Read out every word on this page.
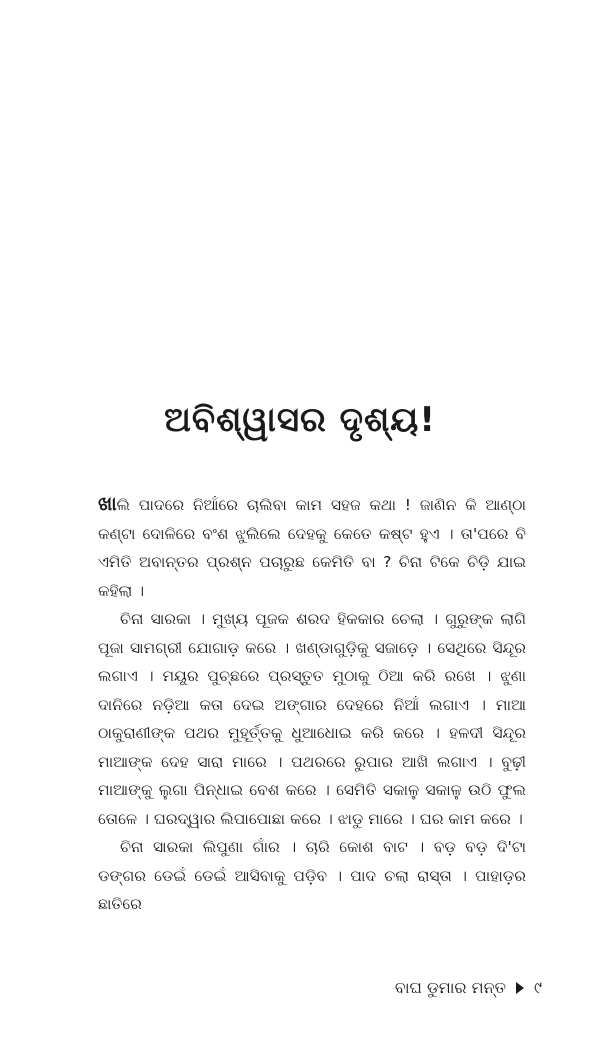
ଅବିଶ୍ୱାସର ଦୃଶ୍ୟ!

ଖାଲି ପାଦରେ ନିଆଁରେ ଚାଲିବା କାମ ସହଜ କଥା ! ଜାଣିନ କି ଆଣ୍ଠା କଣ୍ଟା ଦୋଳିରେ ବଂଶ ଝୁଲିଲେ ଦେହକୁ କେତେ କଷ୍ଟ ହୁଏ । ତା'ପରେ ବି ଏମିତି ଅବାନ୍ତର ପ୍ରଶ୍ନ ପଚାରୁଛ କେମିତି ବା ? ଚିନା ଟିକେ ଚିଡ଼ି ଯାଇ କହିଲା ।

ଚିନା ସାରକା । ମୁଖ୍ୟ ପୂଜକ ଶରଦ ହିକକାର ଚେଲା । ଗୁରୁଙ୍କ ଲାଗି ପୂଜା ସାମଗ୍ରୀ ଯୋଗାଡ଼ କରେ । ଖଣ୍ଡାଗୁଡ଼ିକୁ ସଜାଡ଼େ । ସେଥିରେ ସିନ୍ଦୂର ଲଗାଏ । ମୟୂର ପୁଚ୍ଛରେ ପ୍ରସ୍ତୁତ ମୁଠାକୁ ଠିଆ କରି ରଖେ । ଝୁଣା ଦାନିରେ ନଡ଼ିଆ କତା ଦେଇ ଅଙ୍ଗାର ଦେହରେ ନିଆଁ ଲଗାଏ । ମାଆ ଠାକୁରାଣୀଙ୍କ ପଥର ମୁହୂର୍ତ୍ତକୁ ଧୁଆଧୋଇ କରି କରେ । ହଳଦୀ ସିନ୍ଦୂର ମାଆଙ୍କ ଦେହ ସାରା ମାରେ । ପଥରରେ ରୁପାର ଆଖି ଲଗାଏ । ବୁଢ଼ୀ ମାଆଙ୍କୁ ଲୁଗା ପିନ୍ଧାଇ ବେଶ କରେ । ସେମିତି ସକାଳୁ ସକାଳୁ ଉଠି ଫୁଲ ତୋଳେ । ଘରଦ୍ୱାର ଲିପାପୋଛା କରେ । ଝାଡୁ ମାରେ । ଘର କାମ କରେ ।

ଚିନା ସାରକା ଲିପୁଣା ଗାଁର । ଚାରି କୋଶ ବାଟ । ବଡ଼ ବଡ଼ ଦି'ଟା ଡଙ୍ଗର ଡେଇଁ ଡେଇଁ ଆସିବାକୁ ପଡ଼ିବ । ପାଦ ଚଲା ରାସ୍ତା । ପାହାଡ଼ର ଛାତିରେ

ବାଘ ଡୁମାର ମନ୍ତ ୯
